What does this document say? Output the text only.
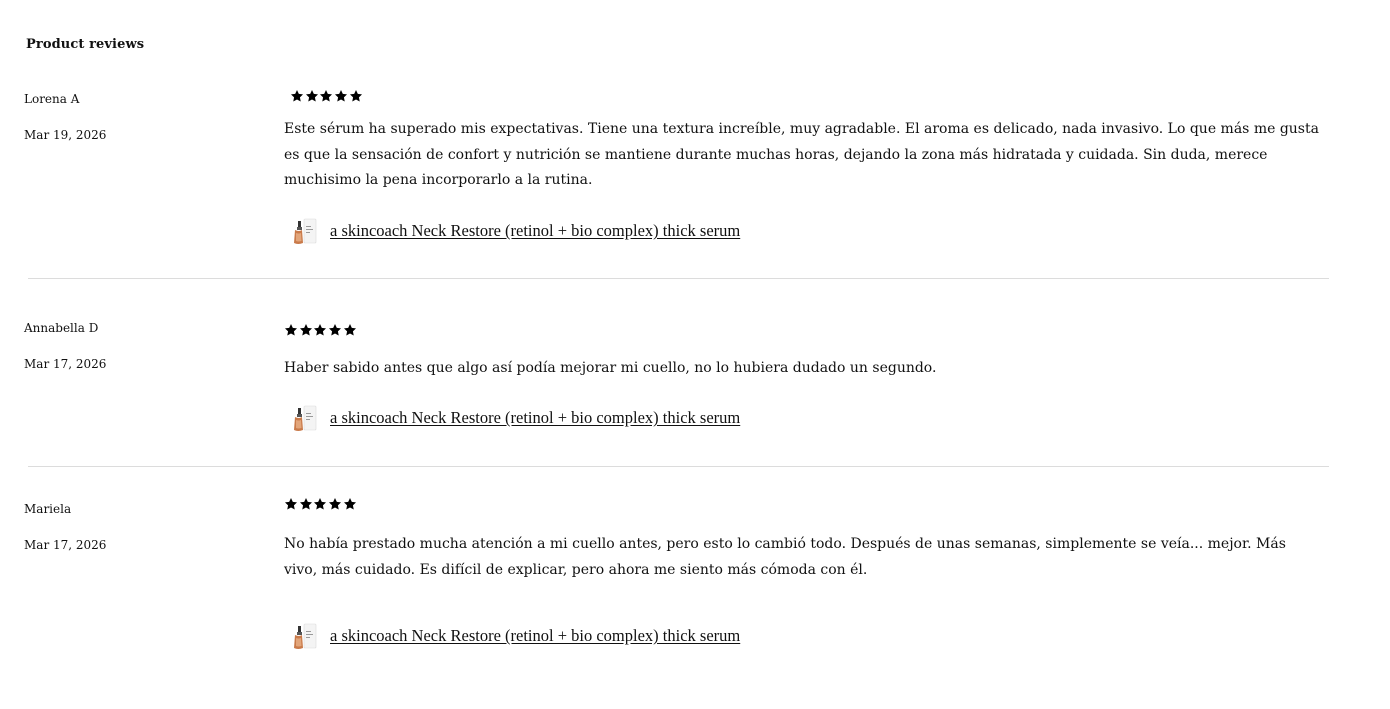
Product reviews
Lorena A
Mar 19, 2026	Este sérum ha superado mis expectativas. Tiene una textura increíble, muy agradable. El aroma es delicado, nada invasivo. Lo que más me gusta es que la sensación de confort y nutrición se mantiene durante muchas horas, dejando la zona más hidratada y cuidada. Sin duda, merece muchisimo la pena incorporarlo a la rutina.
a skincoach Neck Restore (retinol + bio complex) thick serum
Annabella D
Mar 17, 2026	Haber sabido antes que algo así podía mejorar mi cuello, no lo hubiera dudado un segundo.
a skincoach Neck Restore (retinol + bio complex) thick serum
Mariela
Mar 17, 2026	No había prestado mucha atención a mi cuello antes, pero esto lo cambió todo. Después de unas semanas, simplemente se veía... mejor. Más vivo, más cuidado. Es difícil de explicar, pero ahora me siento más cómoda con él.
a skincoach Neck Restore (retinol + bio complex) thick serum
